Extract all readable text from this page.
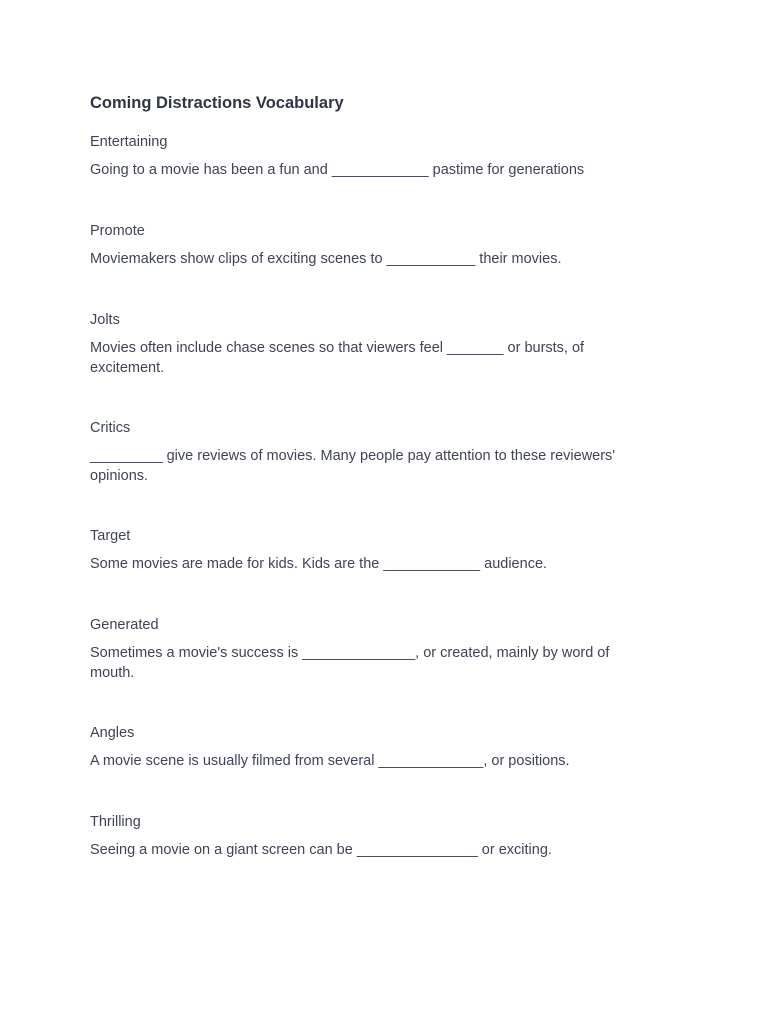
Coming Distractions Vocabulary

Entertaining

Going to a movie has been a fun and ____________ pastime for generations

Promote

Moviemakers show clips of exciting scenes to ___________ their movies.

Jolts

Movies often include chase scenes so that viewers feel _______ or bursts, of excitement.

Critics

_________ give reviews of movies. Many people pay attention to these reviewers' opinions.

Target

Some movies are made for kids. Kids are the ____________ audience.

Generated

Sometimes a movie's success is ______________, or created, mainly by word of mouth.

Angles

A movie scene is usually filmed from several _____________, or positions.

Thrilling

Seeing a movie on a giant screen can be _______________ or exciting.
